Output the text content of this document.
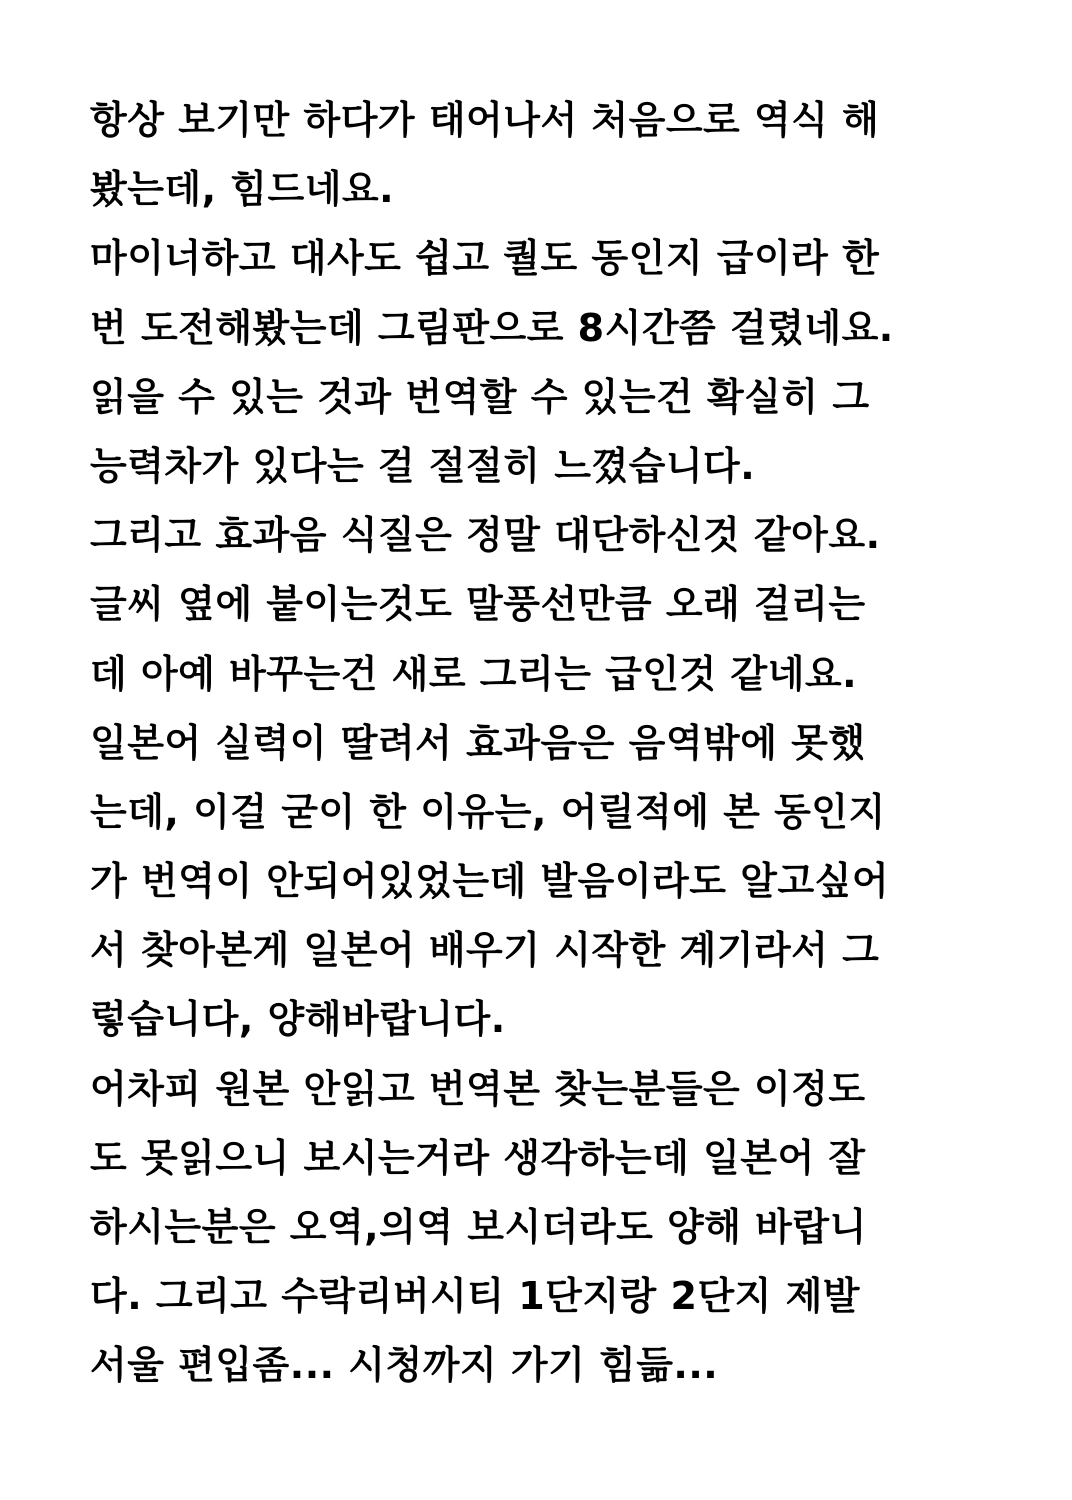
항상 보기만 하다가 태어나서 처음으로 역식 해
봤는데, 힘드네요.
마이너하고 대사도 쉽고 퀄도 동인지 급이라 한
번 도전해봤는데 그림판으로 8시간쯤 걸렸네요.
읽을 수 있는 것과 번역할 수 있는건 확실히 그
능력차가 있다는 걸 절절히 느꼈습니다.
그리고 효과음 식질은 정말 대단하신것 같아요.
글씨 옆에 붙이는것도 말풍선만큼 오래 걸리는
데 아예 바꾸는건 새로 그리는 급인것 같네요.
일본어 실력이 딸려서 효과음은 음역밖에 못했
는데, 이걸 굳이 한 이유는, 어릴적에 본 동인지
가 번역이 안되어있었는데 발음이라도 알고싶어
서 찾아본게 일본어 배우기 시작한 계기라서 그
렇습니다, 양해바랍니다.
어차피 원본 안읽고 번역본 찾는분들은 이정도
도 못읽으니 보시는거라 생각하는데 일본어 잘
하시는분은 오역,의역 보시더라도 양해 바랍니
다. 그리고 수락리버시티 1단지랑 2단지 제발
서울 편입좀... 시청까지 가기 힘듦...
